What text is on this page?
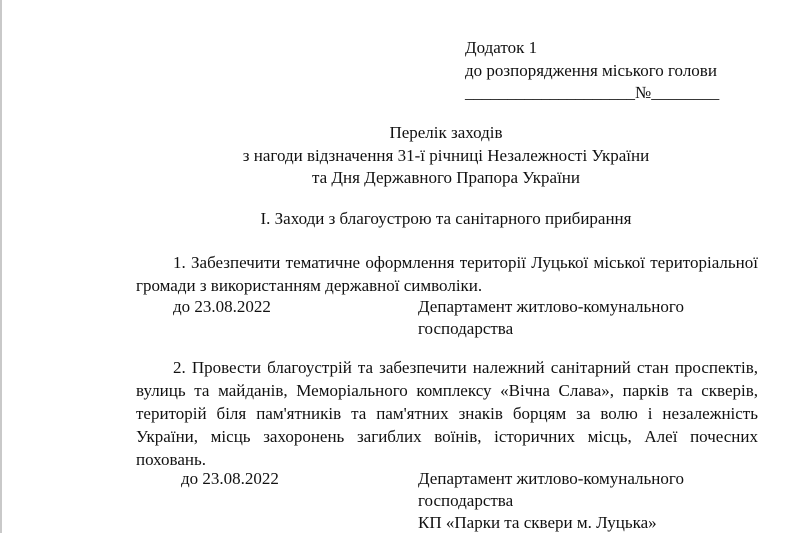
Додаток 1
до розпорядження міського голови
____________________№________
Перелік заходів
з нагоди відзначення 31-ї річниці Незалежності України
та Дня Державного Прапора України
I. Заходи з благоустрою та санітарного прибирання
1. Забезпечити тематичне оформлення території Луцької міської територіальної громади з використанням державної символіки.
до 23.08.2022	Департамент житлово-комунального
господарства
2. Провести благоустрій та забезпечити належний санітарний стан проспектів, вулиць та майданів, Меморіального комплексу «Вічна Слава», парків та скверів, територій біля пам'ятників та пам'ятних знаків борцям за волю і незалежність України, місць захоронень загиблих воїнів, історичних місць, Алеї почесних поховань.
до 23.08.2022	Департамент житлово-комунального
господарства
КП «Парки та сквери м. Луцька»
